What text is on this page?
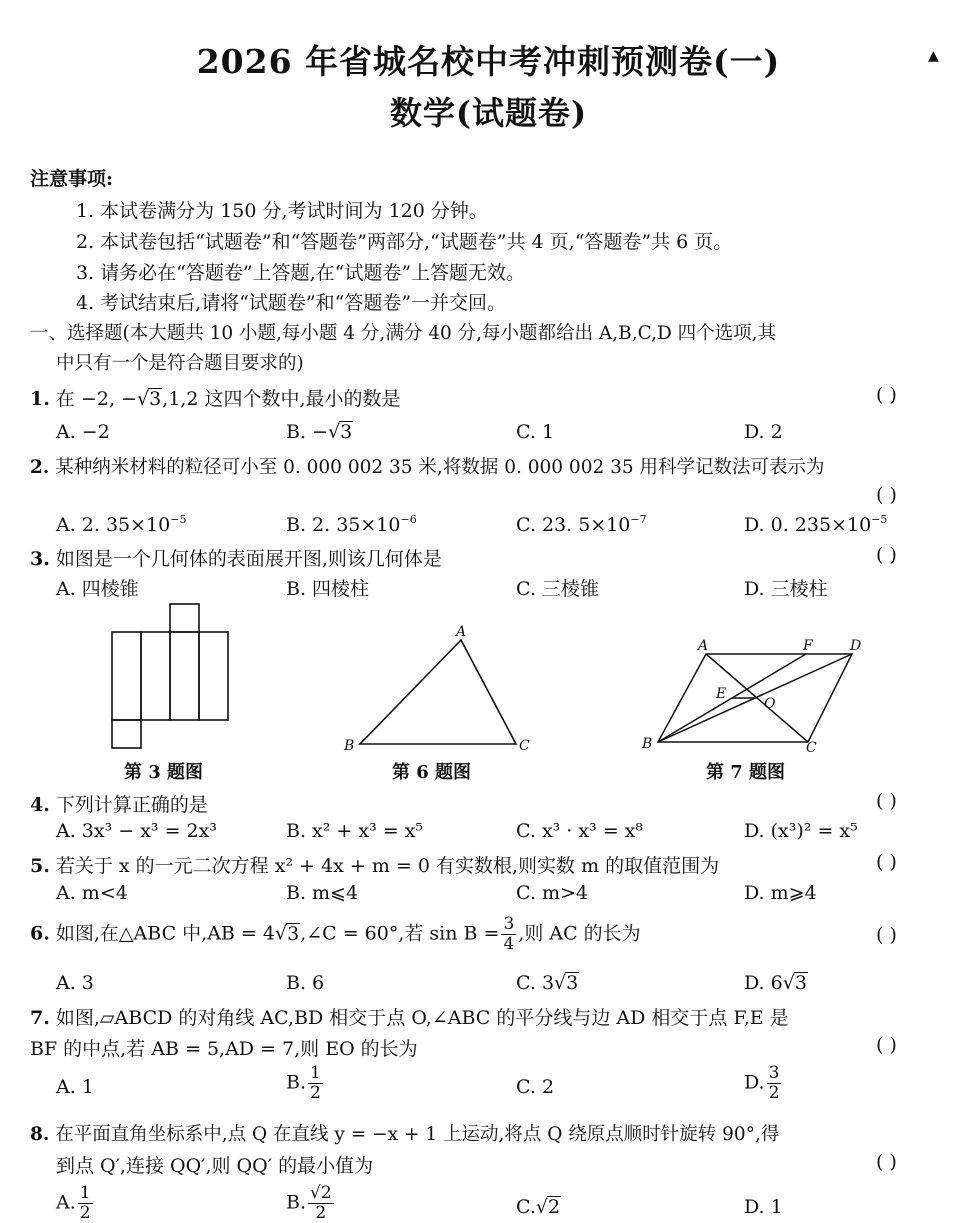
2026 年省城名校中考冲刺预测卷(一)
数学(试题卷)
▲
注意事项:
1. 本试卷满分为 150 分,考试时间为 120 分钟。
2. 本试卷包括“试题卷”和“答题卷”两部分,“试题卷”共 4 页,“答题卷”共 6 页。
3. 请务必在“答题卷”上答题,在“试题卷”上答题无效。
4. 考试结束后,请将“试题卷”和“答题卷”一并交回。
一、选择题(本大题共 10 小题,每小题 4 分,满分 40 分,每小题都给出 A,B,C,D 四个选项,其
中只有一个是符合题目要求的)
1. 在 −2, −√3,1,2 这四个数中,最小的数是	( )
A. −2	B. −√3	C. 1	D. 2
2. 某种纳米材料的粒径可小至 0. 000 002 35 米,将数据 0. 000 002 35 用科学记数法可表示为
( )
A. 2. $35\times 10^{-5}$	B. 2. $35\times 10^{-6}$	C. 23. $5\times 10^{-7}$	D. 0. $235\times 10^{-5}$
3. 如图是一个几何体的表面展开图,则该几何体是	( )
A. 四棱锥	B. 四棱柱	C. 三棱锥	D. 三棱柱
第 3 题图
A
B	C
第 6 题图
A	F	D
E
O
B	C
第 7 题图
4. 下列计算正确的是	( )
A. 3x³ − x³ = 2x³	B. x² + x³ = x⁵	C. x³ · x³ = x⁸	D. (x³)² = x⁵
5. 若关于 x 的一元二次方程 x² + 4x + m = 0 有实数根,则实数 m 的取值范围为	( )
A. m<4	B. m⩽4	C. m>4	D. m⩾4
6. 如图,在△ABC 中,AB = 4√3,∠C = 60°,若 $\sin B = \frac{3}{4}$ ,则 AC 的长为	( )
A. 3	B. 6	C. 3√3	D. 6√3
7. 如图,▱ABCD 的对角线 AC,BD 相交于点 O,∠ABC 的平分线与边 AD 相交于点 F,E 是
BF 的中点,若 AB = 5,AD = 7,则 EO 的长为	( )
A. 1	B. $\frac{1}{2}$	C. 2	D. $\frac{3}{2}$
8. 在平面直角坐标系中,点 Q 在直线 y = −x + 1 上运动,将点 Q 绕原点顺时针旋转 90°,得
到点 Q′,连接 QQ′,则 QQ′ 的最小值为	( )
A. $\frac{1}{2}$	B. $\frac{√2}{2}$	C.√2	D. 1
